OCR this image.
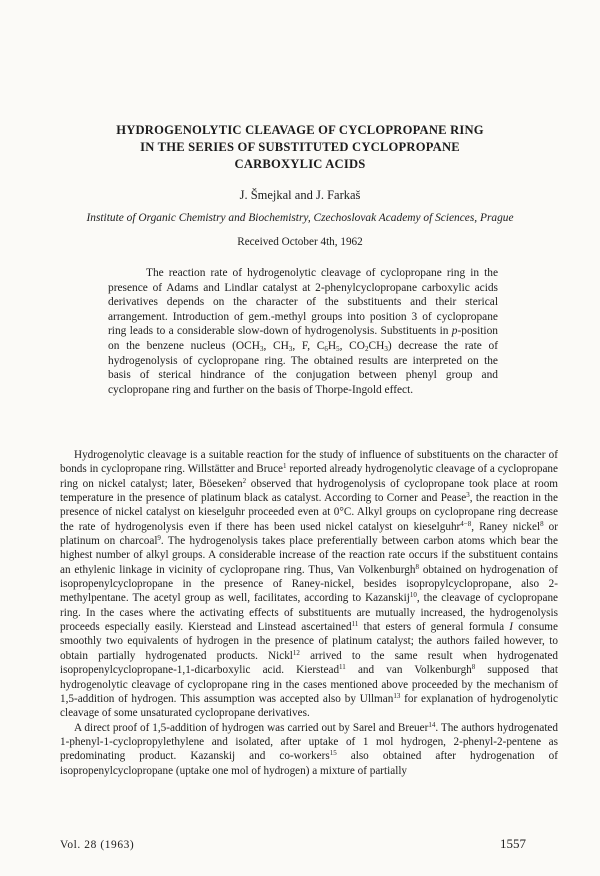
HYDROGENOLYTIC CLEAVAGE OF CYCLOPROPANE RING
IN THE SERIES OF SUBSTITUTED CYCLOPROPANE
CARBOXYLIC ACIDS
J. Šmejkal and J. Farkaš
Institute of Organic Chemistry and Biochemistry, Czechoslovak Academy of Sciences, Prague
Received October 4th, 1962

The reaction rate of hydrogenolytic cleavage of cyclopropane ring in the presence of Adams and Lindlar catalyst at 2-phenylcyclopropane carboxylic acids derivatives depends on the character of the substituents and their sterical arrangement. Introduction of gem.-methyl groups into position 3 of cyclopropane ring leads to a considerable slow-down of hydrogenolysis. Substituents in p-position on the benzene nucleus ($OCH_3$, $CH_3$, F, $C_6H_5$, $CO_2CH_3$) decrease the rate of hydrogenolysis of cyclopropane ring. The obtained results are interpreted on the basis of sterical hindrance of the conjugation between phenyl group and cyclopropane ring and further on the basis of Thorpe-Ingold effect.

Hydrogenolytic cleavage is a suitable reaction for the study of influence of substituents on the character of bonds in cyclopropane ring. Willstätter and Bruce$^1$ reported already hydrogenolytic cleavage of a cyclopropane ring on nickel catalyst; later, Böeseken$^2$ observed that hydrogenolysis of cyclopropane took place at room temperature in the presence of platinum black as catalyst. According to Corner and Pease$^3$, the reaction in the presence of nickel catalyst on kieselguhr proceeded even at 0°C. Alkyl groups on cyclopropane ring decrease the rate of hydrogenolysis even if there has been used nickel catalyst on kieselguhr$^{4-8}$, Raney nickel$^8$ or platinum on charcoal$^9$. The hydrogenolysis takes place preferentially between carbon atoms which bear the highest number of alkyl groups. A considerable increase of the reaction rate occurs if the substituent contains an ethylenic linkage in vicinity of cyclopropane ring. Thus, Van Volkenburgh$^8$ obtained on hydrogenation of isopropenylcyclopropane in the presence of Raney-nickel, besides isopropylcyclopropane, also 2-methylpentane. The acetyl group as well, facilitates, according to Kazanskij$^{10}$, the cleavage of cyclopropane ring. In the cases where the activating effects of substituents are mutually increased, the hydrogenolysis proceeds especially easily. Kierstead and Linstead ascertained$^{11}$ that esters of general formula I consume smoothly two equivalents of hydrogen in the presence of platinum catalyst; the authors failed however, to obtain partially hydrogenated products. Nickl$^{12}$ arrived to the same result when hydrogenated isopropenylcyclopropane-1,1-dicarboxylic acid. Kierstead$^{11}$ and van Volkenburgh$^8$ supposed that hydrogenolytic cleavage of cyclopropane ring in the cases mentioned above proceeded by the mechanism of 1,5-addition of hydrogen. This assumption was accepted also by Ullman$^{13}$ for explanation of hydrogenolytic cleavage of some unsaturated cyclopropane derivatives.

A direct proof of 1,5-addition of hydrogen was carried out by Sarel and Breuer$^{14}$. The authors hydrogenated 1-phenyl-1-cyclopropylethylene and isolated, after uptake of 1 mol hydrogen, 2-phenyl-2-pentene as predominating product. Kazanskij and co-workers$^{15}$ also obtained after hydrogenation of isopropenylcyclopropane (uptake one mol of hydrogen) a mixture of partially

Vol. 28 (1963)	1557
